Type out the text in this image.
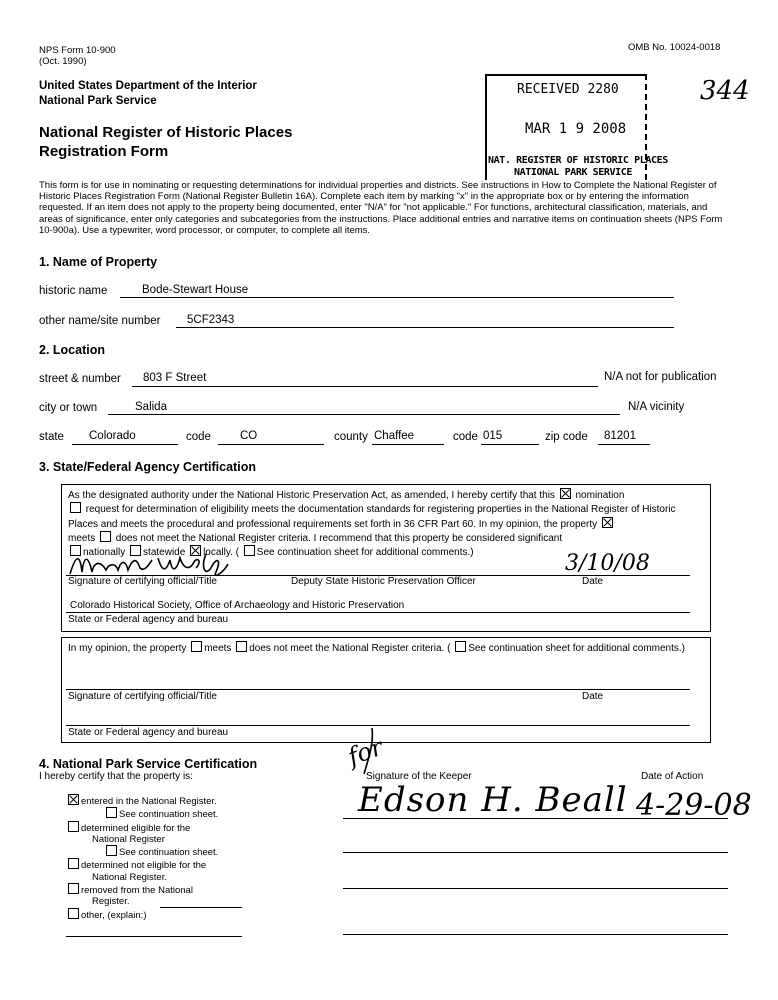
NPS Form 10-900
(Oct. 1990)
OMB No. 10024-0018
United States Department of the Interior
National Park Service
National Register of Historic Places
Registration Form
344
RECEIVED 2280
MAR 1 9 2008
NAT. REGISTER OF HISTORIC PLACES
NATIONAL PARK SERVICE
This form is for use in nominating or requesting determinations for individual properties and districts. See instructions in How to Complete the National Register of Historic Places Registration Form (National Register Bulletin 16A). Complete each item by marking "x" in the appropriate box or by entering the information requested. If an item does not apply to the property being documented, enter "N/A" for "not applicable." For functions, architectural classification, materials, and areas of significance, enter only categories and subcategories from the instructions. Place additional entries and narrative items on continuation sheets (NPS Form 10-900a). Use a typewriter, word processor, or computer, to complete all items.
1. Name of Property
historic name	Bode-Stewart House
other name/site number 5CF2343
2. Location
street & number 803 F Street	N/A not for publication
city or town	Salida	N/A vicinity
state Colorado	code	CO	county Chaffee	code 015	zip code 81201
3. State/Federal Agency Certification
As the designated authority under the National Historic Preservation Act, as amended, I hereby certify that this nomination
request for determination of eligibility meets the documentation standards for registering properties in the National Register of Historic Places and meets the procedural and professional requirements set forth in 36 CFR Part 60. In my opinion, the property
meets does not meet the National Register criteria. I recommend that this property be considered significant
nationally statewide locally. ( See continuation sheet for additional comments.)	3/10/08
Signature of certifying official/Title	Deputy State Historic Preservation Officer	Date
Colorado Historical Society, Office of Archaeology and Historic Preservation
State or Federal agency and bureau
In my opinion, the property meets does not meet the National Register criteria. ( See continuation sheet for additional comments.)
Signature of certifying official/Title	Date
State or Federal agency and bureau
4. National Park Service Certification
I hereby certify that the property is:	Signature of the Keeper	Date of Action
entered in the National Register.
See continuation sheet.
determined eligible for the
National Register
See continuation sheet.
determined not eligible for the
National Register.
removed from the National
Register.
other, (explain:)
for
Edson H. Beall 4-29-08
